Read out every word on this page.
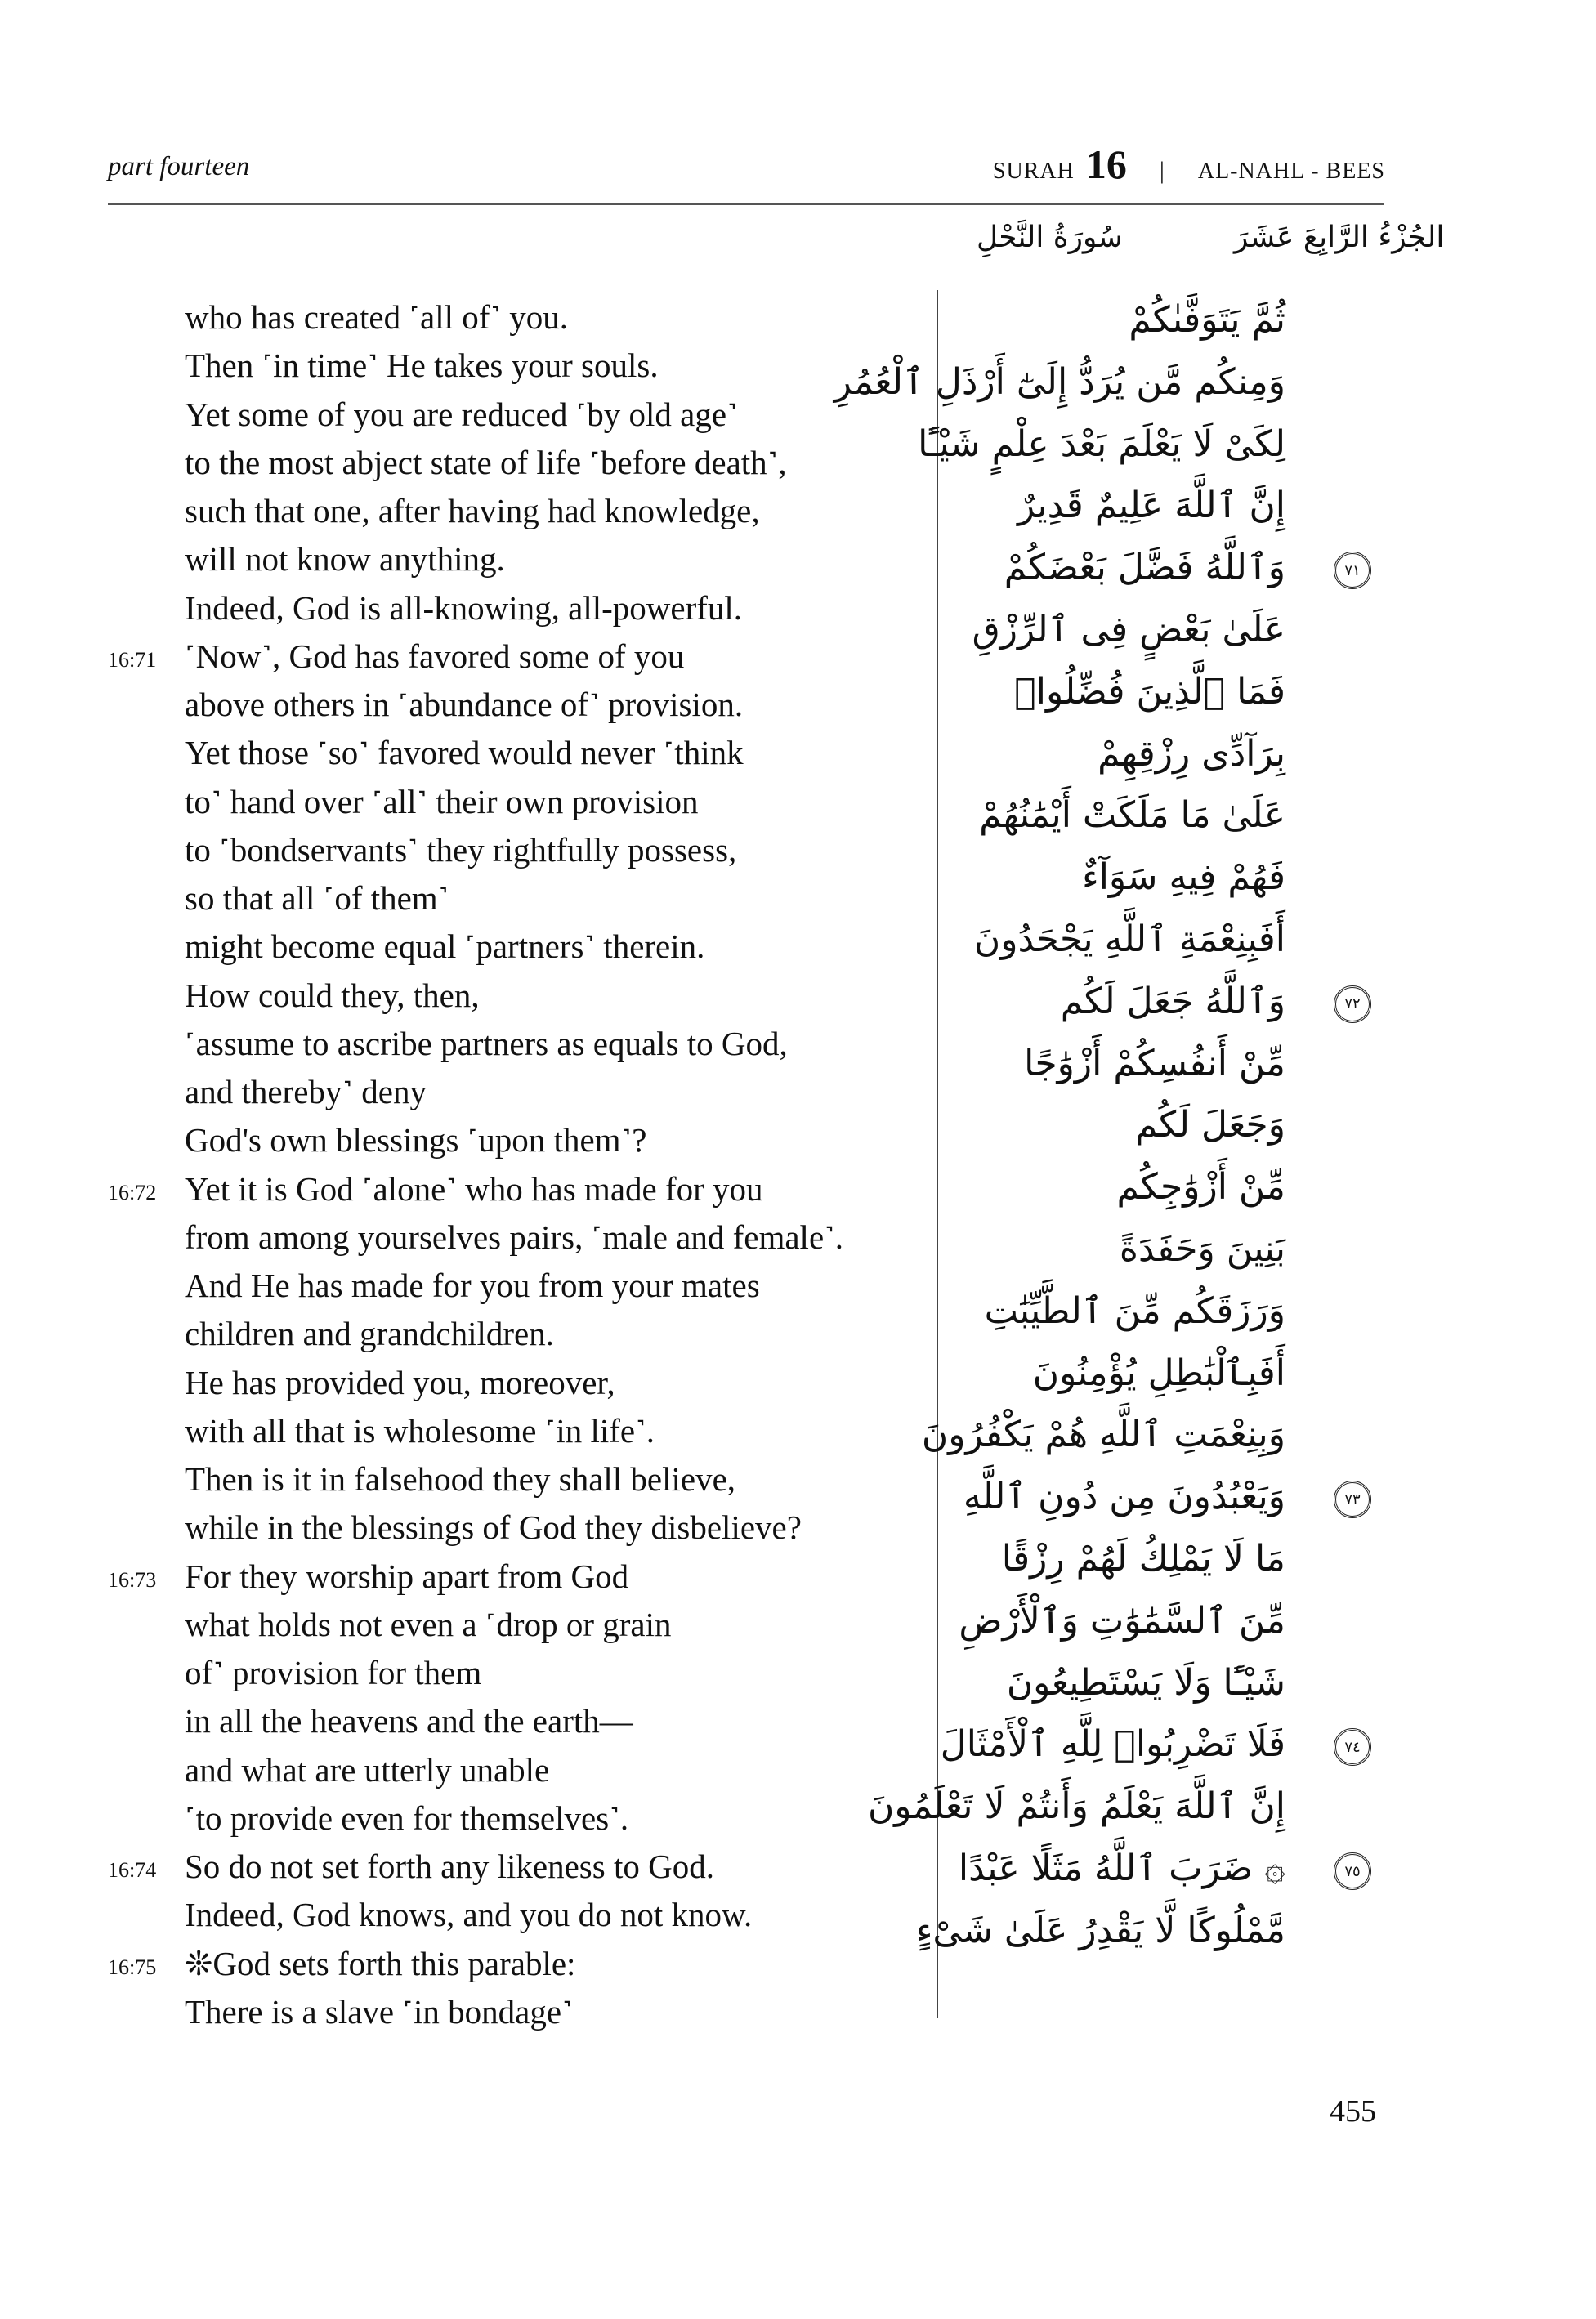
part fourteen	SURAH 16 | AL-NAHL - BEES
سُورَةُ النَّحْلِ	الجُزْءُ الرَّابِعَ عَشَرَ
who has created ˹all of˺ you.
Then ˹in time˺ He takes your souls.
Yet some of you are reduced ˹by old age˺
to the most abject state of life ˹before death˺,
such that one, after having had knowledge,
will not know anything.
Indeed, God is all-knowing, all-powerful.
˹Now˺, God has favored some of you
above others in ˹abundance of˺ provision.
Yet those ˹so˺ favored would never ˹think
to˺ hand over ˹all˺ their own provision
to ˹bondservants˺ they rightfully possess,
so that all ˹of them˺
might become equal ˹partners˺ therein.
How could they, then,
˹assume to ascribe partners as equals to God,
and thereby˺ deny
God's own blessings ˹upon them˺?
Yet it is God ˹alone˺ who has made for you
from among yourselves pairs, ˹male and female˺.
And He has made for you from your mates
children and grandchildren.
He has provided you, moreover,
with all that is wholesome ˹in life˺.
Then is it in falsehood they shall believe,
while in the blessings of God they disbelieve?
For they worship apart from God
what holds not even a ˹drop or grain
of˺ provision for them
in all the heavens and the earth—
and what are utterly unable
˹to provide even for themselves˺.
So do not set forth any likeness to God.
Indeed, God knows, and you do not know.
❊God sets forth this parable:
There is a slave ˹in bondage˺
16:71
16:72
16:73
16:74
16:75
ثُمَّ يَتَوَفَّىٰكُمْ
وَمِنكُم مَّن يُرَدُّ إِلَىٰٓ أَرْذَلِ ٱلْعُمُرِ
لِكَىْ لَا يَعْلَمَ بَعْدَ عِلْمٍ شَيْـًٔا
إِنَّ ٱللَّهَ عَلِيمٌ قَدِيرٌ
وَٱللَّهُ فَضَّلَ بَعْضَكُمْ
عَلَىٰ بَعْضٍ فِى ٱلرِّزْقِ
فَمَا ٱلَّذِينَ فُضِّلُوا۟
بِرَآدِّى رِزْقِهِمْ
عَلَىٰ مَا مَلَكَتْ أَيْمَٰنُهُمْ
فَهُمْ فِيهِ سَوَآءٌ
أَفَبِنِعْمَةِ ٱللَّهِ يَجْحَدُونَ
وَٱللَّهُ جَعَلَ لَكُم
مِّنْ أَنفُسِكُمْ أَزْوَٰجًا
وَجَعَلَ لَكُم
مِّنْ أَزْوَٰجِكُم
بَنِينَ وَحَفَدَةً
وَرَزَقَكُم مِّنَ ٱلطَّيِّبَٰتِ
أَفَبِٱلْبَٰطِلِ يُؤْمِنُونَ
وَبِنِعْمَتِ ٱللَّهِ هُمْ يَكْفُرُونَ
وَيَعْبُدُونَ مِن دُونِ ٱللَّهِ
مَا لَا يَمْلِكُ لَهُمْ رِزْقًا
مِّنَ ٱلسَّمَٰوَٰتِ وَٱلْأَرْضِ
شَيْـًٔا وَلَا يَسْتَطِيعُونَ
فَلَا تَضْرِبُوا۟ لِلَّهِ ٱلْأَمْثَالَ
إِنَّ ٱللَّهَ يَعْلَمُ وَأَنتُمْ لَا تَعْلَمُونَ
۞ ضَرَبَ ٱللَّهُ مَثَلًا عَبْدًا
مَّمْلُوكًا لَّا يَقْدِرُ عَلَىٰ شَىْءٍ
٧١
٧٢
٧٣
٧٤
٧٥
455
